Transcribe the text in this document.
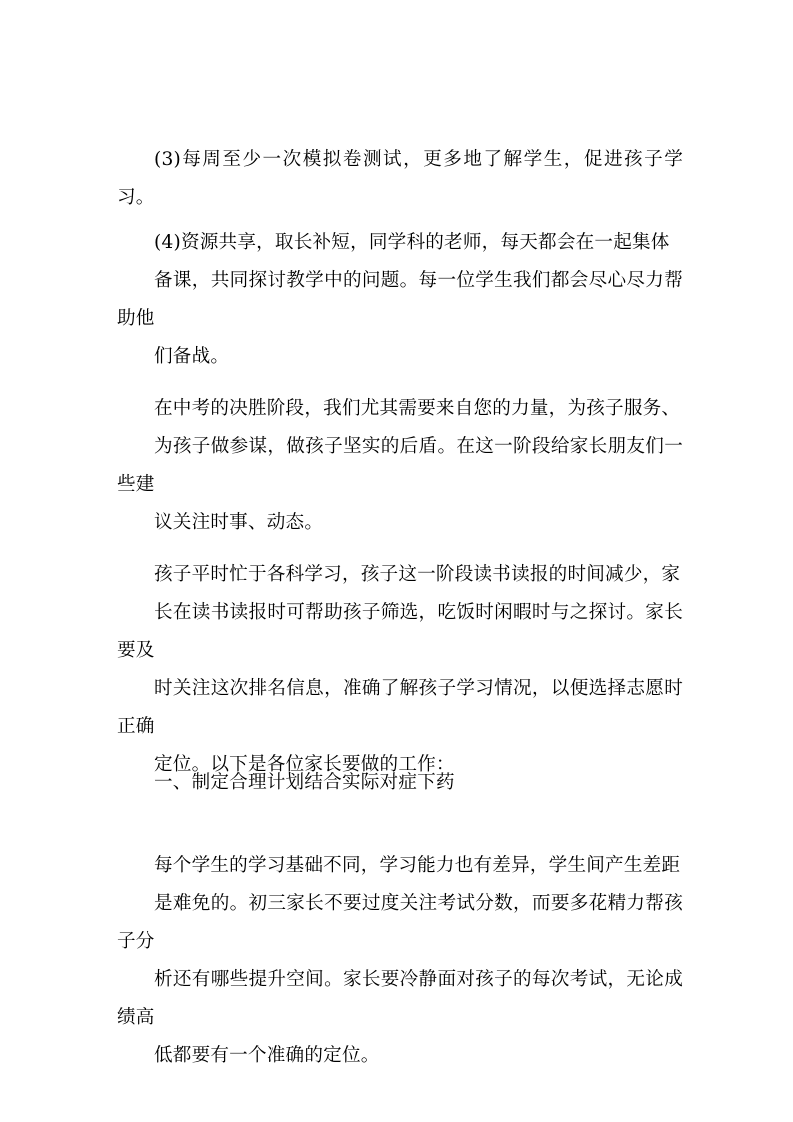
(3)每周至少一次模拟卷测试，更多地了解学生，促进孩子学习。

(4)资源共享，取长补短，同学科的老师，每天都会在一起集体
备课，共同探讨教学中的问题。每一位学生我们都会尽心尽力帮助他
们备战。

在中考的决胜阶段，我们尤其需要来自您的力量，为孩子服务、
为孩子做参谋，做孩子坚实的后盾。在这一阶段给家长朋友们一些建
议关注时事、动态。

孩子平时忙于各科学习，孩子这一阶段读书读报的时间减少，家
长在读书读报时可帮助孩子筛选，吃饭时闲暇时与之探讨。家长要及
时关注这次排名信息，准确了解孩子学习情况，以便选择志愿时正确
定位。以下是各位家长要做的工作：

一、制定合理计划结合实际对症下药

每个学生的学习基础不同，学习能力也有差异，学生间产生差距
是难免的。初三家长不要过度关注考试分数，而要多花精力帮孩子分
析还有哪些提升空间。家长要冷静面对孩子的每次考试，无论成绩高
低都要有一个准确的定位。
